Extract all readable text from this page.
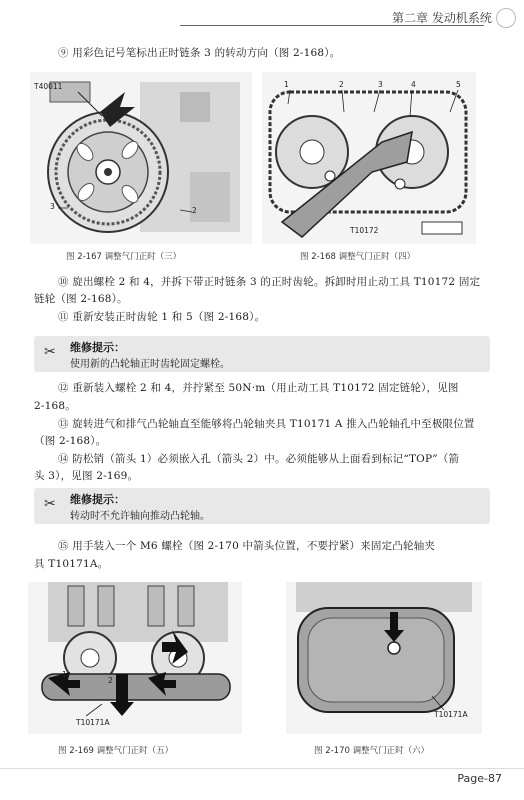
第二章 发动机系统
⑨ 用彩色记号笔标出正时链条 3 的转动方向（图 2-168）。
T40011
3	2
图 2-167 调整气门正时（三）
1	2	3	4	5
T10172
图 2-168 调整气门正时（四）
⑩ 旋出螺栓 2 和 4，并拆下带正时链条 3 的正时齿轮。拆卸时用止动工具 T10172 固定
链轮（图 2-168）。
⑪ 重新安装正时齿轮 1 和 5（图 2-168）。
✂ 维修提示：
使用新的凸轮轴正时齿轮固定螺栓。
⑫ 重新装入螺栓 2 和 4，并拧紧至 50N·m（用止动工具 T10172 固定链轮），见图
2-168。
⑬ 旋转进气和排气凸轮轴直至能够将凸轮轴夹具 T10171 A 推入凸轮轴孔中至极限位置
（图 2-168）。
⑭ 防松销（箭头 1）必须嵌入孔（箭头 2）中。必须能够从上面看到标记“TOP”（箭
头 3），见图 2-169。
✂ 维修提示：
转动时不允许轴向推动凸轮轴。
⑮ 用手装入一个 M6 螺栓（图 2-170 中箭头位置，不要拧紧）来固定凸轮轴夹
具 T10171A。
1
2
T10171A
图 2-169 调整气门正时（五）
T10171A
图 2-170 调整气门正时（六）
Page-87
